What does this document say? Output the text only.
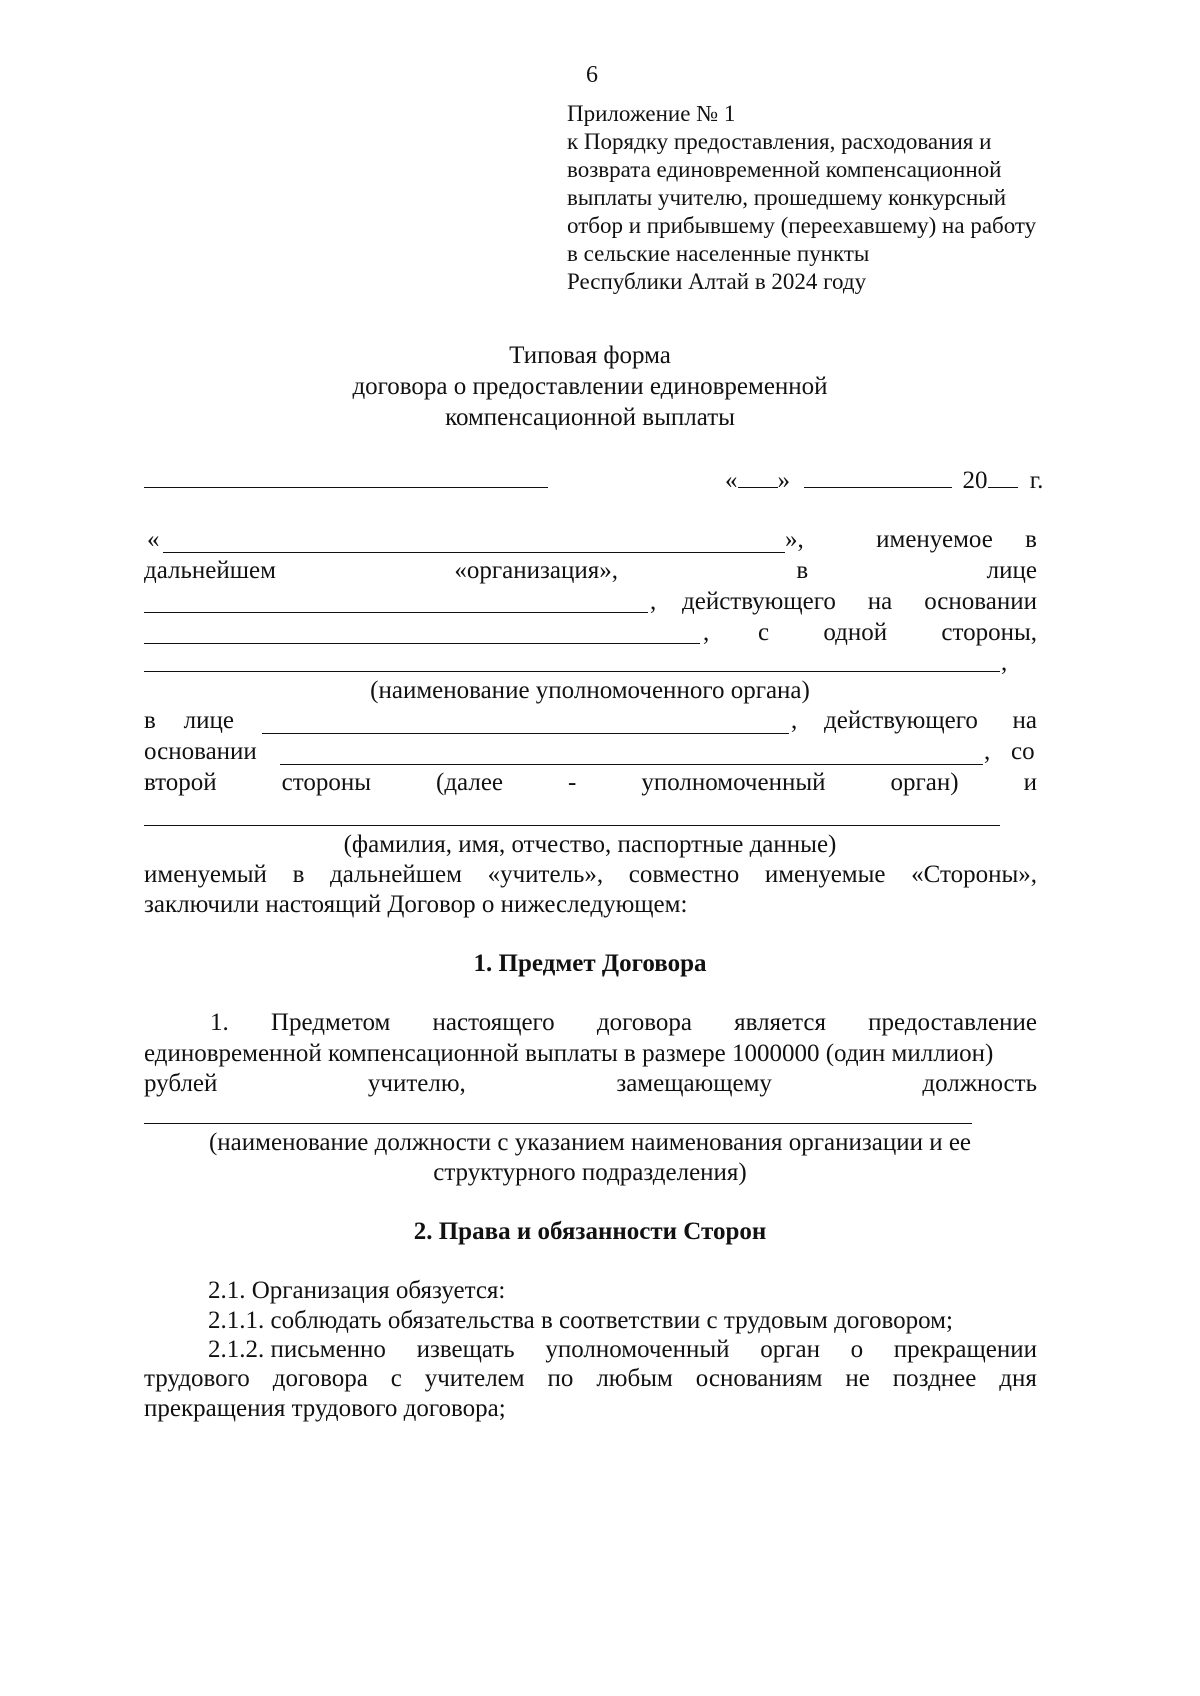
6
Приложение № 1
к Порядку предоставления, расходования и
возврата единовременной компенсационной
выплаты учителю, прошедшему конкурсный
отбор и прибывшему (переехавшему) на работу
в сельские населенные пункты
Республики Алтай в 2024 году
Типовая форма
договора о предоставлении единовременной
компенсационной выплаты
« »	20 г.
«	»,	именуемое в
дальнейшем	«организация»,	в	лице
, действующего на основании
, с одной стороны,
,
(наименование уполномоченного органа)
в лице	, действующего на
основании	, со
второй	стороны	(далее	-	уполномоченный	орган)	и
(фамилия, имя, отчество, паспортные данные)
именуемый в дальнейшем «учитель», совместно именуемые «Стороны»,
заключили настоящий Договор о нижеследующем:
1. Предмет Договора
1. Предметом настоящего договора является предоставление
единовременной компенсационной выплаты в размере 1000000 (один миллион)
рублей	учителю,	замещающему	должность
(наименование должности с указанием наименования организации и ее
структурного подразделения)
2. Права и обязанности Сторон
2.1. Организация обязуется:
2.1.1. соблюдать обязательства в соответствии с трудовым договором;
2.1.2. письменно извещать уполномоченный орган о прекращении
трудового договора с учителем по любым основаниям не позднее дня
прекращения трудового договора;
